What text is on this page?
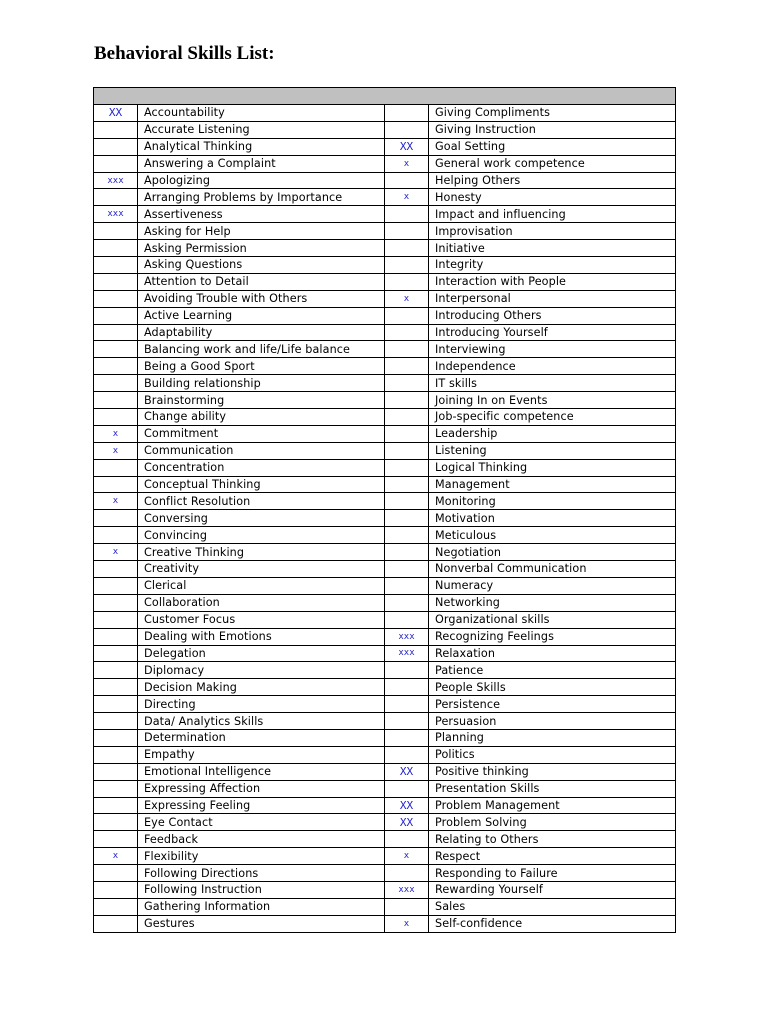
Behavioral Skills List:

XX	Accountability		Giving Compliments
	Accurate Listening		Giving Instruction
	Analytical Thinking	XX	Goal Setting
	Answering a Complaint	x	General work competence
xxx	Apologizing		Helping Others
	Arranging Problems by Importance	x	Honesty
xxx	Assertiveness		Impact and influencing
	Asking for Help		Improvisation
	Asking Permission		Initiative
	Asking Questions		Integrity
	Attention to Detail		Interaction with People
	Avoiding Trouble with Others	x	Interpersonal
	Active Learning		Introducing Others
	Adaptability		Introducing Yourself
	Balancing work and life/Life balance		Interviewing
	Being a Good Sport		Independence
	Building relationship		IT skills
	Brainstorming		Joining In on Events
	Change ability		Job-specific competence
x	Commitment		Leadership
x	Communication		Listening
	Concentration		Logical Thinking
	Conceptual Thinking		Management
x	Conflict Resolution		Monitoring
	Conversing		Motivation
	Convincing		Meticulous
x	Creative Thinking		Negotiation
	Creativity		Nonverbal Communication
	Clerical		Numeracy
	Collaboration		Networking
	Customer Focus		Organizational skills
	Dealing with Emotions	xxx	Recognizing Feelings
	Delegation	xxx	Relaxation
	Diplomacy		Patience
	Decision Making		People Skills
	Directing		Persistence
	Data/ Analytics Skills		Persuasion
	Determination		Planning
	Empathy		Politics
	Emotional Intelligence	XX	Positive thinking
	Expressing Affection		Presentation Skills
	Expressing Feeling	XX	Problem Management
	Eye Contact	XX	Problem Solving
	Feedback		Relating to Others
x	Flexibility	x	Respect
	Following Directions		Responding to Failure
	Following Instruction	xxx	Rewarding Yourself
	Gathering Information		Sales
	Gestures	x	Self-confidence
